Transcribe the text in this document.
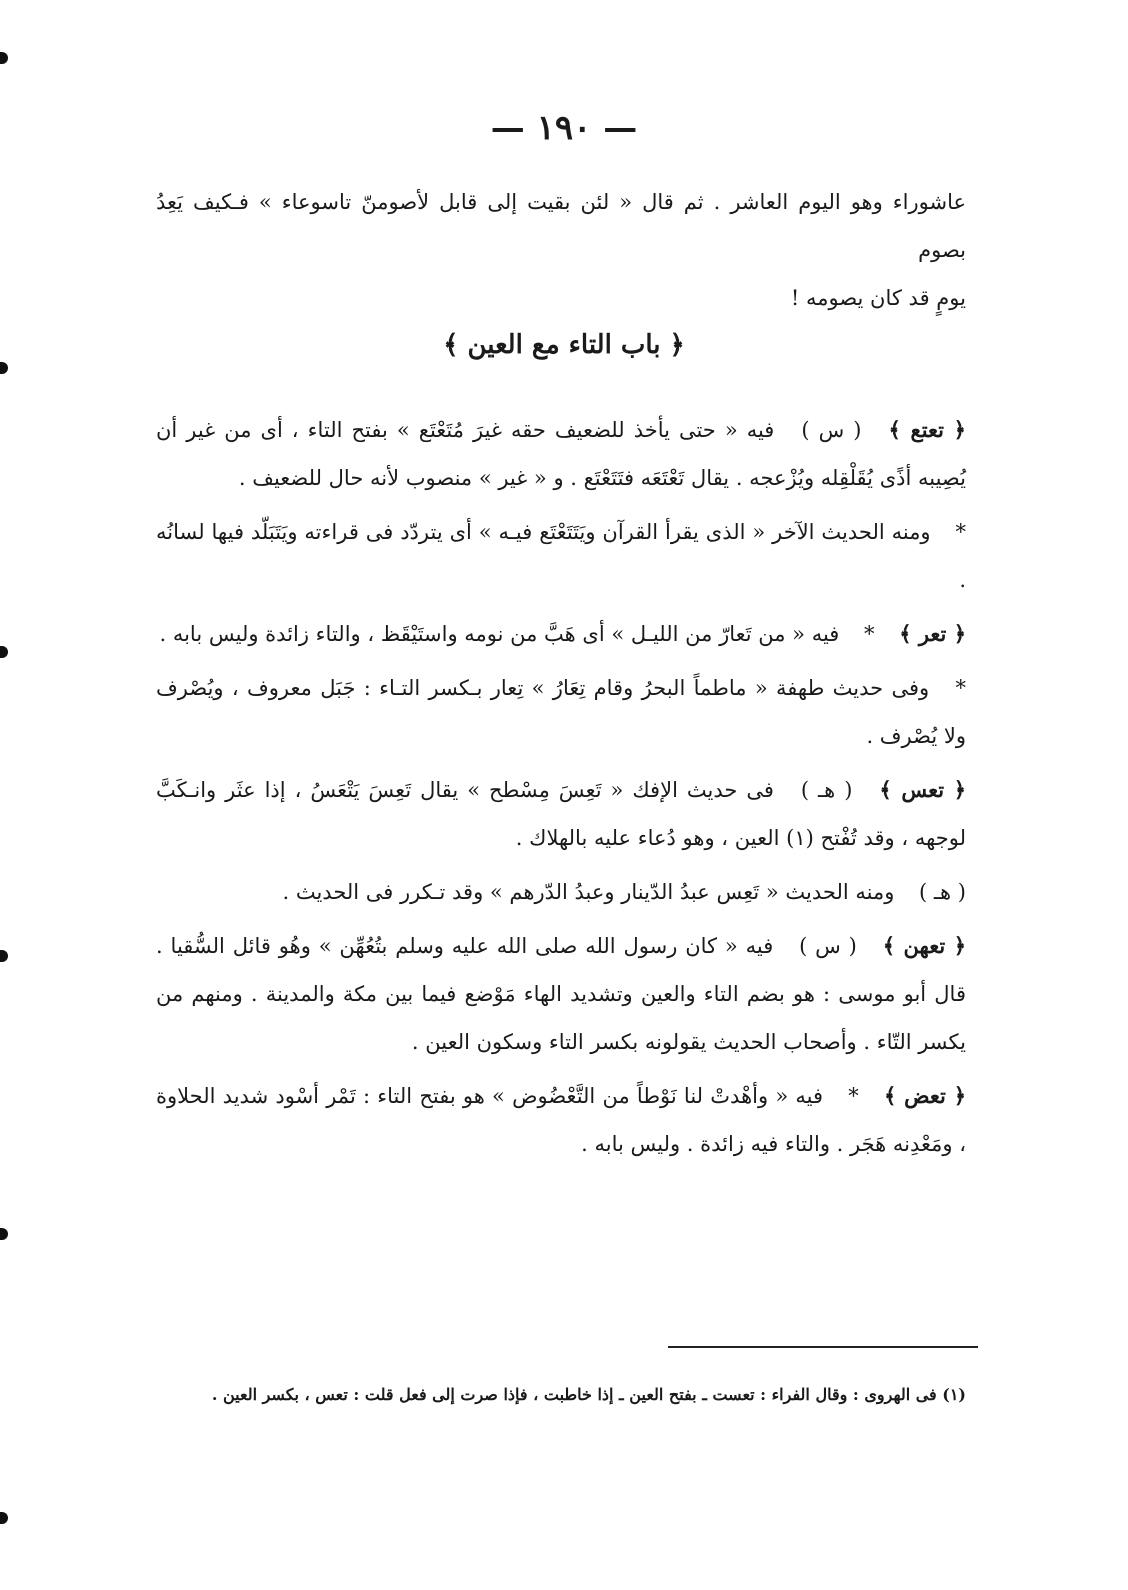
— ١٩٠ —
عاشوراء وهو اليوم العاشر . ثم قال « لئن بقيت إلى قابل لأصومنّ تاسوعاء » فـكيف يَعِدُ بصوم
يومٍ قد كان يصومه !
﴿ باب التاء مع العين ﴾

﴿ تعتع ﴾ ( س ) فيه « حتى يأخذ للضعيف حقه غيرَ مُتَعْتَع » بفتح التاء ، أى من غير أن يُصِيبه أذًى يُقَلْقِله ويُزْعجه . يقال تَعْتَعَه فتَتَعْتَع . و « غير » منصوب لأنه حال للضعيف .

* ومنه الحديث الآخر « الذى يقرأ القرآن ويَتَتَعْتَع فيـه » أى يتردّد فى قراءته ويَتَبَلّد فيها لسانُه .

﴿ تعر ﴾ * فيه « من تَعارّ من الليـل » أى هَبَّ من نومه واستَيْقَظ ، والتاء زائدة وليس بابه .

* وفى حديث طهفة « ماطماً البحرُ وقام تِعَارُ » تِعار بـكسر التـاء : جَبَل معروف ، ويُصْرف ولا يُصْرف .

﴿ تعس ﴾ ( هـ ) فى حديث الإفك « تَعِسَ مِسْطح » يقال تَعِسَ يَتْعَسُ ، إذا عثَر وانـكَبَّ لوجهه ، وقد تُفْتح (١) العين ، وهو دُعاء عليه بالهلاك .

( هـ ) ومنه الحديث « تَعِس عبدُ الدّينار وعبدُ الدّرهم » وقد تـكرر فى الحديث .

﴿ تعهن ﴾ ( س ) فيه « كان رسول الله صلى الله عليه وسلم بتُعُهِّن » وهُو قائل السُّقيا . قال أبو موسى : هو بضم التاء والعين وتشديد الهاء مَوْضع فيما بين مكة والمدينة . ومنهم من يكسر التّاء . وأصحاب الحديث يقولونه بكسر التاء وسكون العين .

﴿ تعض ﴾ * فيه « وأهْدتْ لنا نَوْطاً من التَّعْضُوض » هو بفتح التاء : تَمْر أسْود شديد الحلاوة ، ومَعْدِنه هَجَر . والتاء فيه زائدة . وليس بابه .

(١) فى الهروى : وقال الفراء : تعست ـ بفتح العين ـ إذا خاطبت ، فإذا صرت إلى فعل قلت : تعس ، بكسر العين .
